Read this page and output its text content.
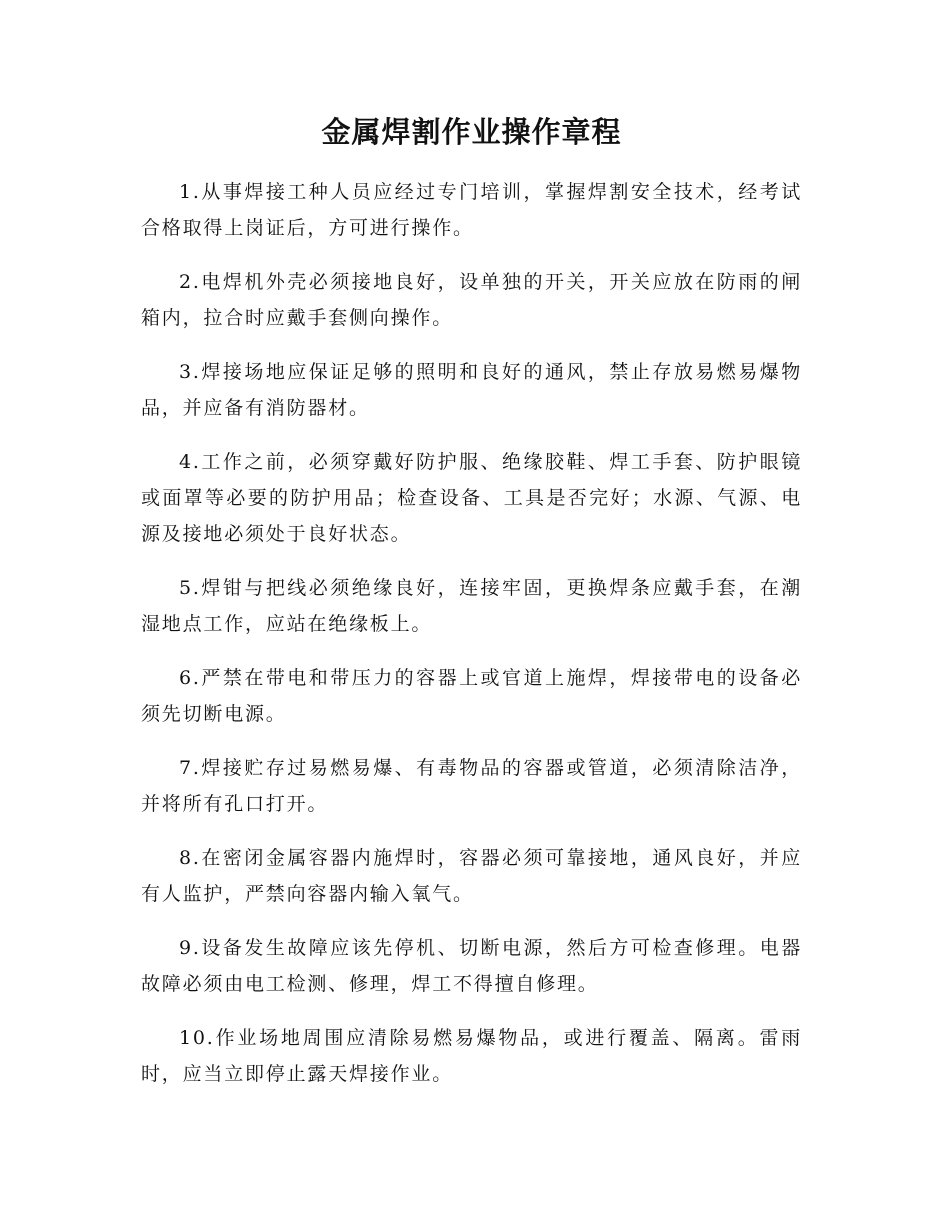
金属焊割作业操作章程
1.从事焊接工种人员应经过专门培训，掌握焊割安全技术，经考试合格取得上岗证后，方可进行操作。
2.电焊机外壳必须接地良好，设单独的开关，开关应放在防雨的闸箱内，拉合时应戴手套侧向操作。
3.焊接场地应保证足够的照明和良好的通风，禁止存放易燃易爆物品，并应备有消防器材。
4.工作之前，必须穿戴好防护服、绝缘胶鞋、焊工手套、防护眼镜或面罩等必要的防护用品；检查设备、工具是否完好；水源、气源、电源及接地必须处于良好状态。
5.焊钳与把线必须绝缘良好，连接牢固，更换焊条应戴手套，在潮湿地点工作，应站在绝缘板上。
6.严禁在带电和带压力的容器上或官道上施焊，焊接带电的设备必须先切断电源。
7.焊接贮存过易燃易爆、有毒物品的容器或管道，必须清除洁净，并将所有孔口打开。
8.在密闭金属容器内施焊时，容器必须可靠接地，通风良好，并应有人监护，严禁向容器内输入氧气。
9.设备发生故障应该先停机、切断电源，然后方可检查修理。电器故障必须由电工检测、修理，焊工不得擅自修理。
10.作业场地周围应清除易燃易爆物品，或进行覆盖、隔离。雷雨时，应当立即停止露天焊接作业。
